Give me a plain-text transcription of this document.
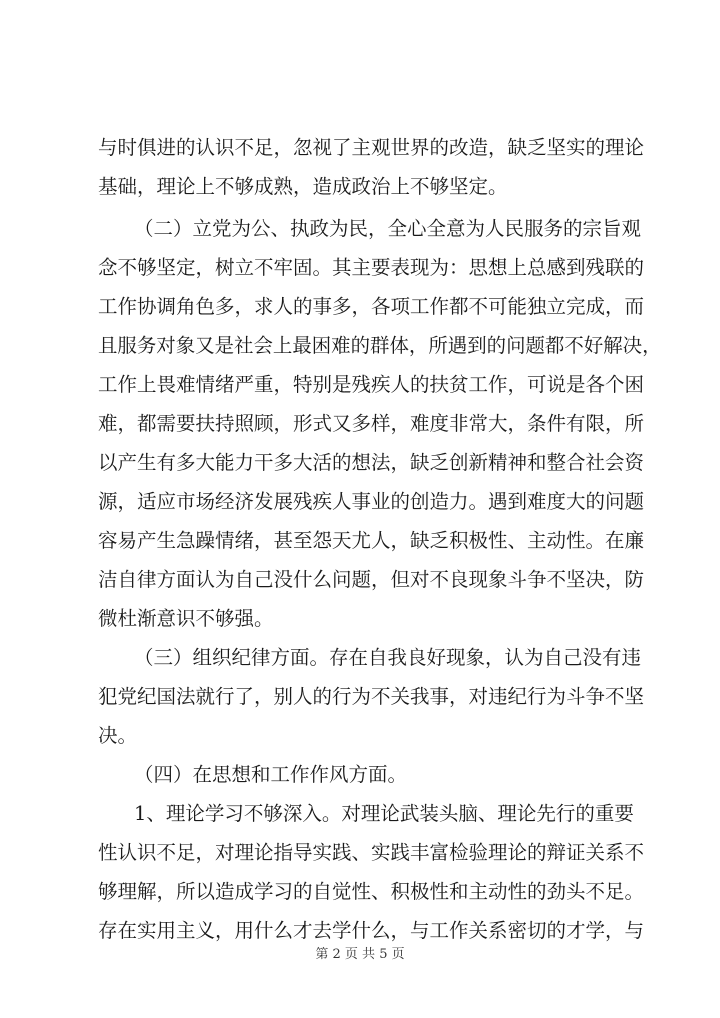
与时俱进的认识不足，忽视了主观世界的改造，缺乏坚实的理论
基础，理论上不够成熟，造成政治上不够坚定。
（二）立党为公、执政为民，全心全意为人民服务的宗旨观
念不够坚定，树立不牢固。其主要表现为：思想上总感到残联的
工作协调角色多，求人的事多，各项工作都不可能独立完成，而
且服务对象又是社会上最困难的群体，所遇到的问题都不好解决，
工作上畏难情绪严重，特别是残疾人的扶贫工作，可说是各个困
难，都需要扶持照顾，形式又多样，难度非常大，条件有限，所
以产生有多大能力干多大活的想法，缺乏创新精神和整合社会资
源，适应市场经济发展残疾人事业的创造力。遇到难度大的问题
容易产生急躁情绪，甚至怨天尤人，缺乏积极性、主动性。在廉
洁自律方面认为自己没什么问题，但对不良现象斗争不坚决，防
微杜渐意识不够强。
（三）组织纪律方面。存在自我良好现象，认为自己没有违
犯党纪国法就行了，别人的行为不关我事，对违纪行为斗争不坚
决。
（四）在思想和工作作风方面。
1、理论学习不够深入。对理论武装头脑、理论先行的重要
性认识不足，对理论指导实践、实践丰富检验理论的辩证关系不
够理解，所以造成学习的自觉性、积极性和主动性的劲头不足。
存在实用主义，用什么才去学什么，与工作关系密切的才学，与
第 2 页 共 5 页
